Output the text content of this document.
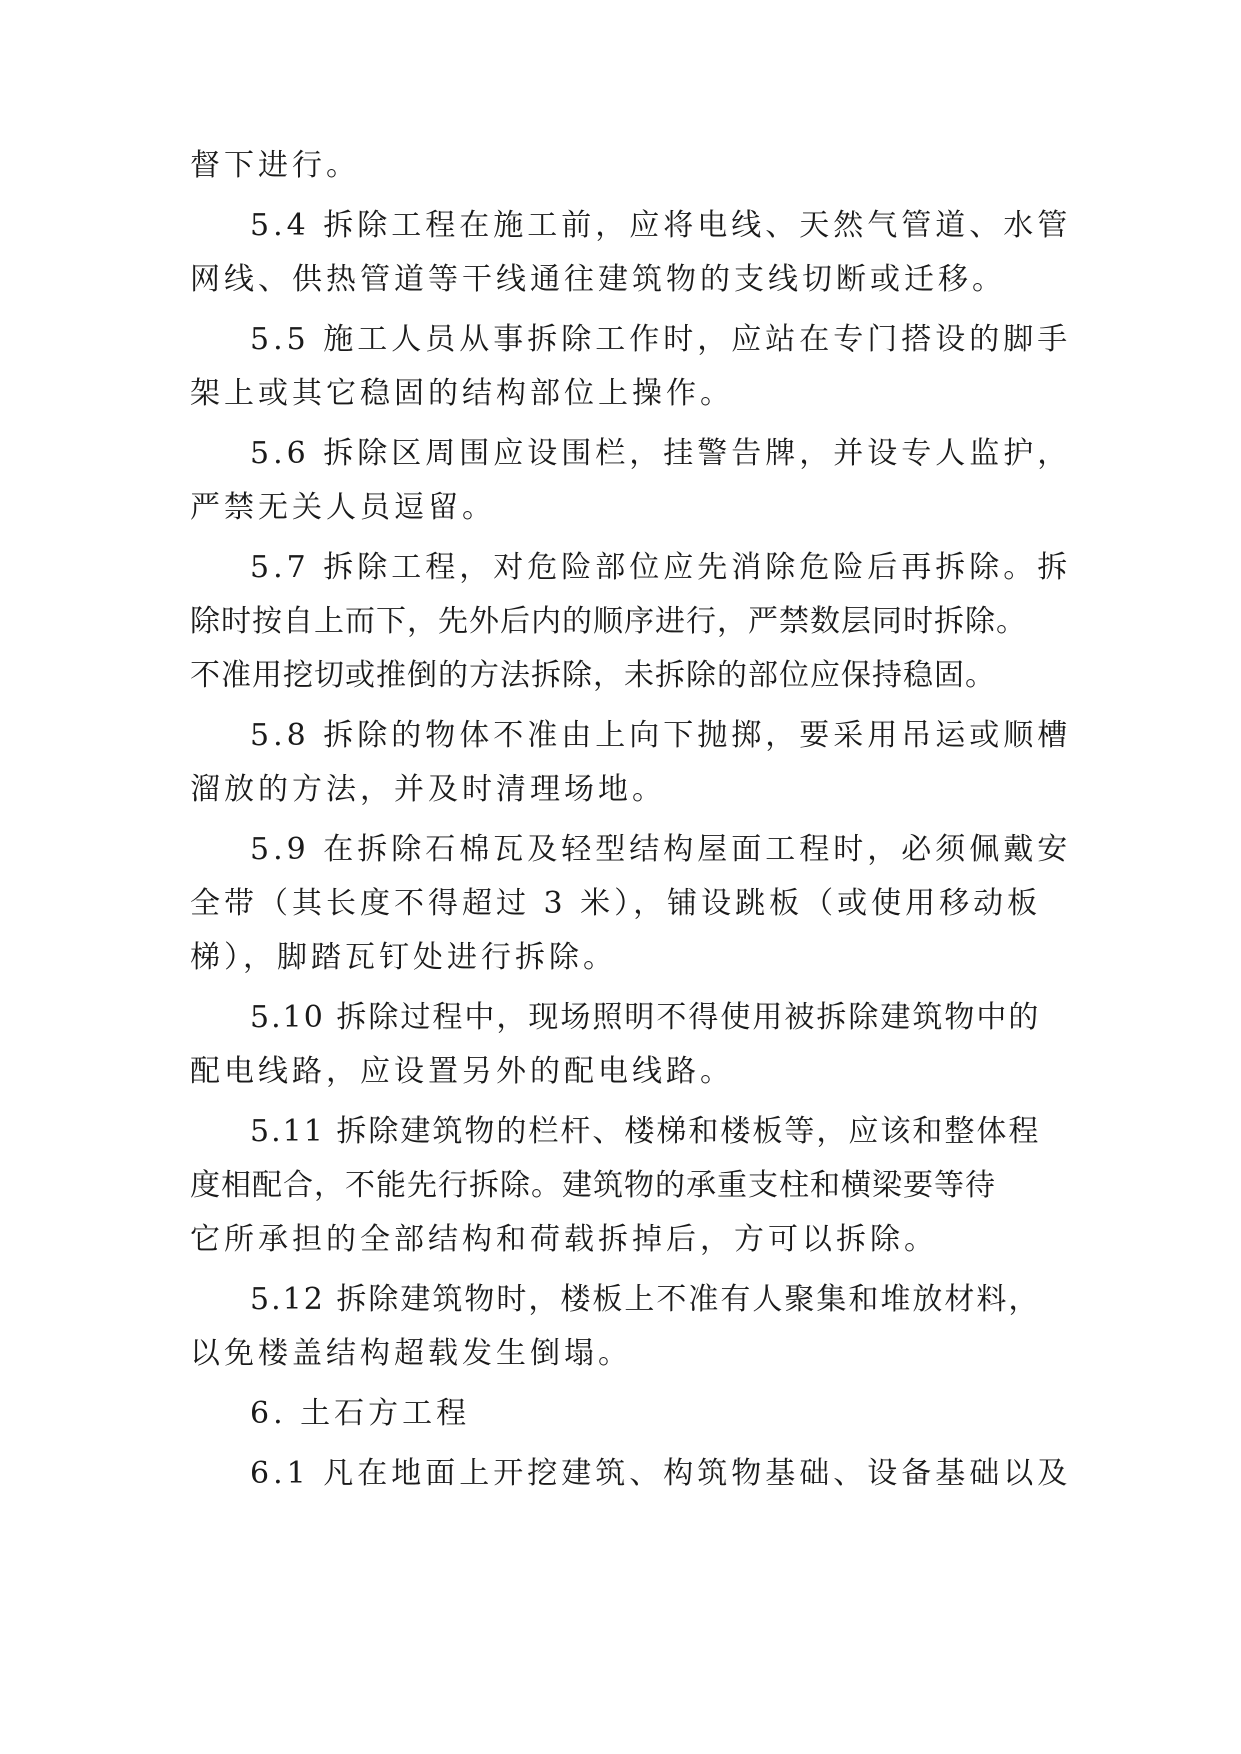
督下进行。
5.4 拆除工程在施工前，应将电线、天然气管道、水管
网线、供热管道等干线通往建筑物的支线切断或迁移。
5.5 施工人员从事拆除工作时，应站在专门搭设的脚手
架上或其它稳固的结构部位上操作。
5.6 拆除区周围应设围栏，挂警告牌，并设专人监护，
严禁无关人员逗留。
5.7 拆除工程，对危险部位应先消除危险后再拆除。拆
除时按自上而下，先外后内的顺序进行，严禁数层同时拆除。
不准用挖切或推倒的方法拆除，未拆除的部位应保持稳固。
5.8 拆除的物体不准由上向下抛掷，要采用吊运或顺槽
溜放的方法，并及时清理场地。
5.9 在拆除石棉瓦及轻型结构屋面工程时，必须佩戴安
全带（其长度不得超过 3 米），铺设跳板（或使用移动板
梯），脚踏瓦钉处进行拆除。
5.10 拆除过程中，现场照明不得使用被拆除建筑物中的
配电线路，应设置另外的配电线路。
5.11 拆除建筑物的栏杆、楼梯和楼板等，应该和整体程
度相配合，不能先行拆除。建筑物的承重支柱和横梁要等待
它所承担的全部结构和荷载拆掉后，方可以拆除。
5.12 拆除建筑物时，楼板上不准有人聚集和堆放材料，
以免楼盖结构超载发生倒塌。
6. 土石方工程
6.1 凡在地面上开挖建筑、构筑物基础、设备基础以及
